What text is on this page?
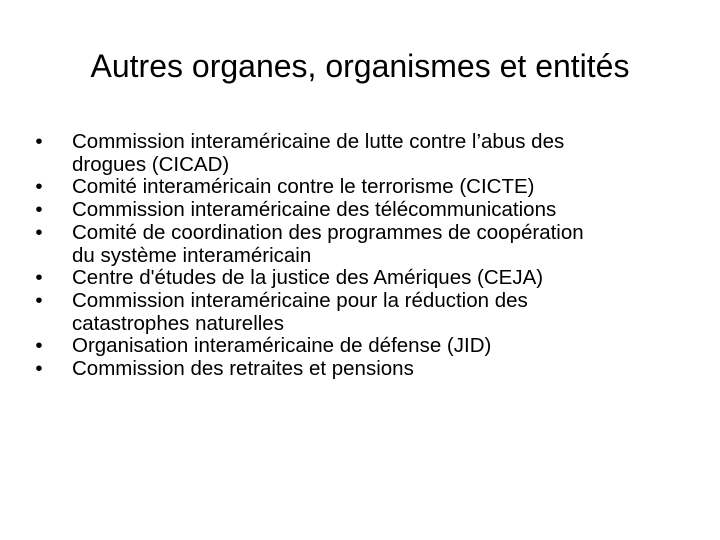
Autres organes, organismes et entités
• Commission interaméricaine de lutte contre l’abus des
drogues (CICAD)
• Comité interaméricain contre le terrorisme (CICTE)
• Commission interaméricaine des télécommunications
• Comité de coordination des programmes de coopération
du système interaméricain
• Centre d'études de la justice des Amériques (CEJA)
• Commission interaméricaine pour la réduction des
catastrophes naturelles
• Organisation interaméricaine de défense (JID)
• Commission des retraites et pensions
